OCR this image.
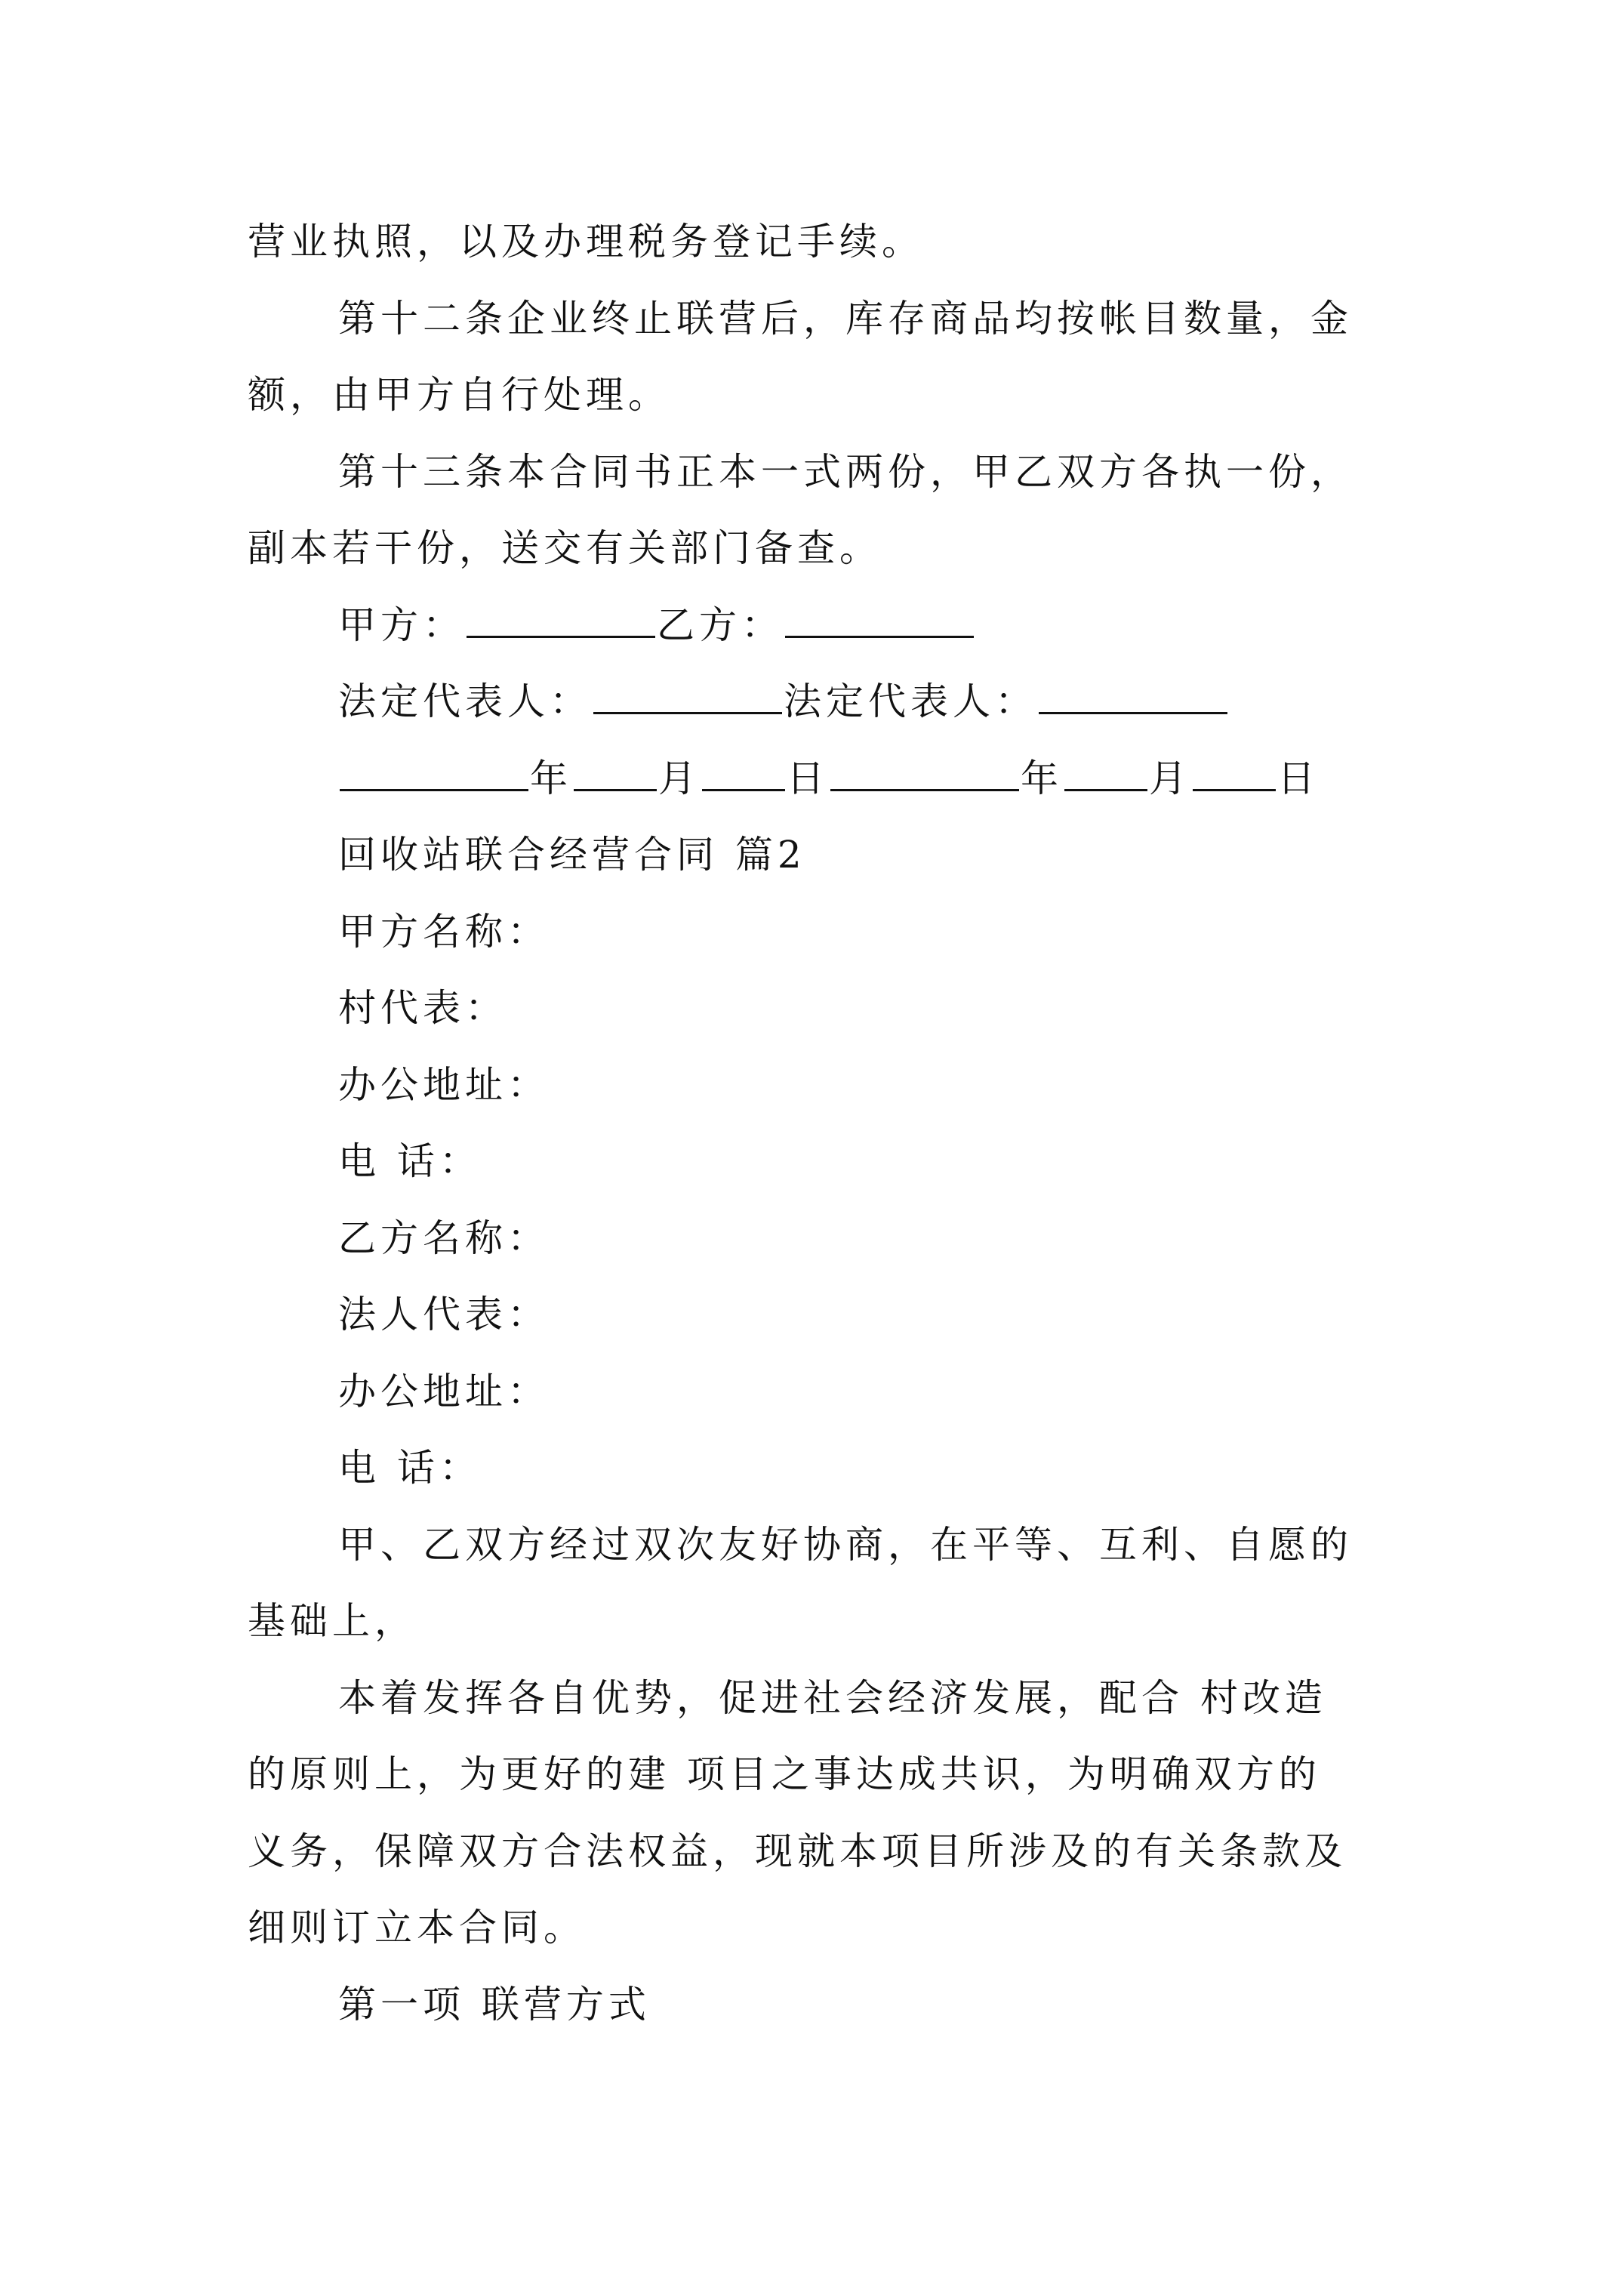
营业执照，以及办理税务登记手续。
第十二条企业终止联营后，库存商品均按帐目数量，金
额，由甲方自行处理。
第十三条本合同书正本一式两份，甲乙双方各执一份，
副本若干份，送交有关部门备查。
甲方：	乙方：
法定代表人：	法定代表人：
年 月 日	年 月 日
回收站联合经营合同 篇2
甲方名称：
村代表：
办公地址：
电 话：
乙方名称：
法人代表：
办公地址：
电 话：
甲、乙双方经过双次友好协商，在平等、互利、自愿的
基础上，
本着发挥各自优势，促进社会经济发展，配合 村改造
的原则上，为更好的建 项目之事达成共识，为明确双方的
义务，保障双方合法权益，现就本项目所涉及的有关条款及
细则订立本合同。
第一项 联营方式
